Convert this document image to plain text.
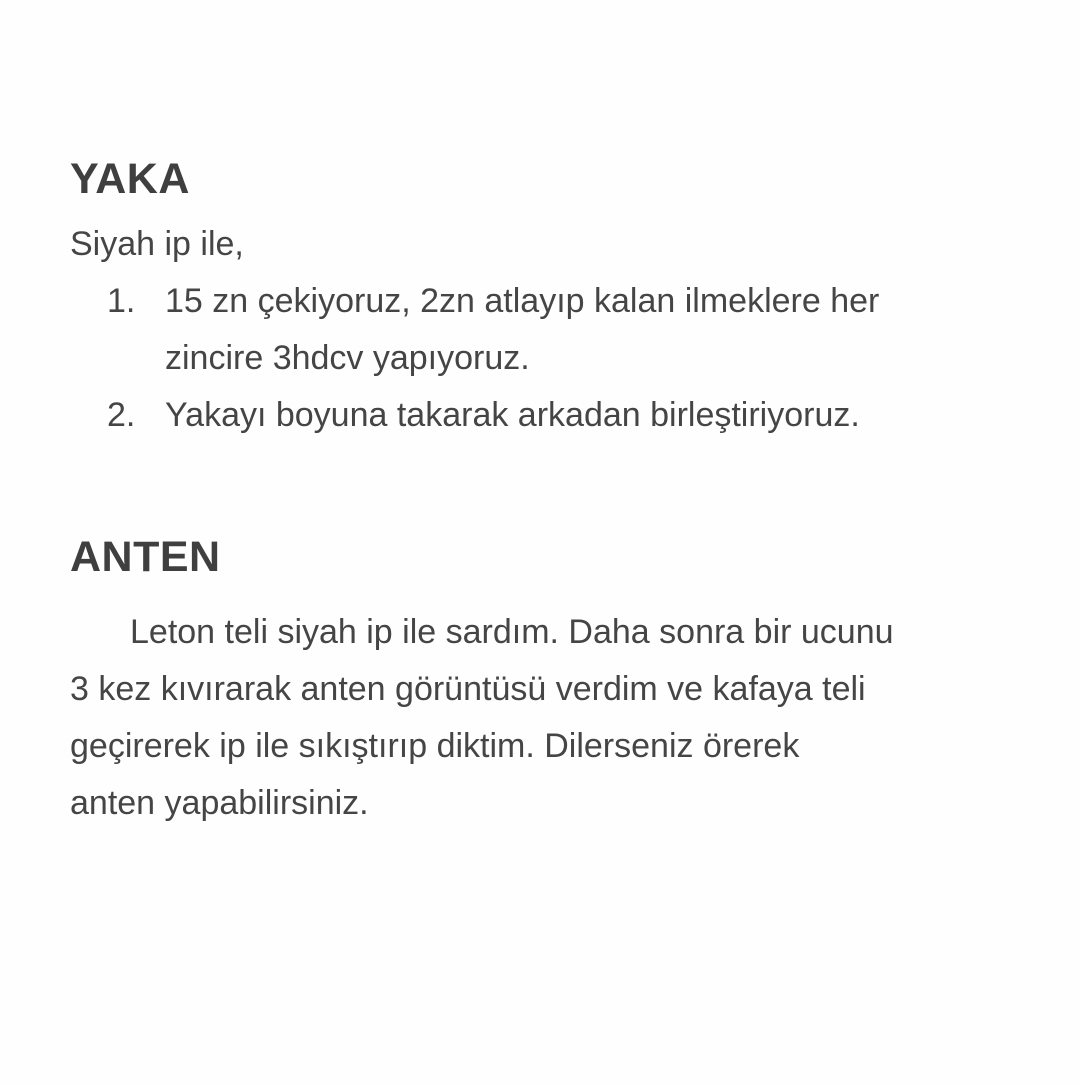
YAKA

Siyah ip ile,

1. 15 zn çekiyoruz, 2zn atlayıp kalan ilmeklere her
zincire 3hdcv yapıyoruz.
2. Yakayı boyuna takarak arkadan birleştiriyoruz.
ANTEN

Leton teli siyah ip ile sardım. Daha sonra bir ucunu
3 kez kıvırarak anten görüntüsü verdim ve kafaya teli
geçirerek ip ile sıkıştırıp diktim. Dilerseniz örerek
anten yapabilirsiniz.
